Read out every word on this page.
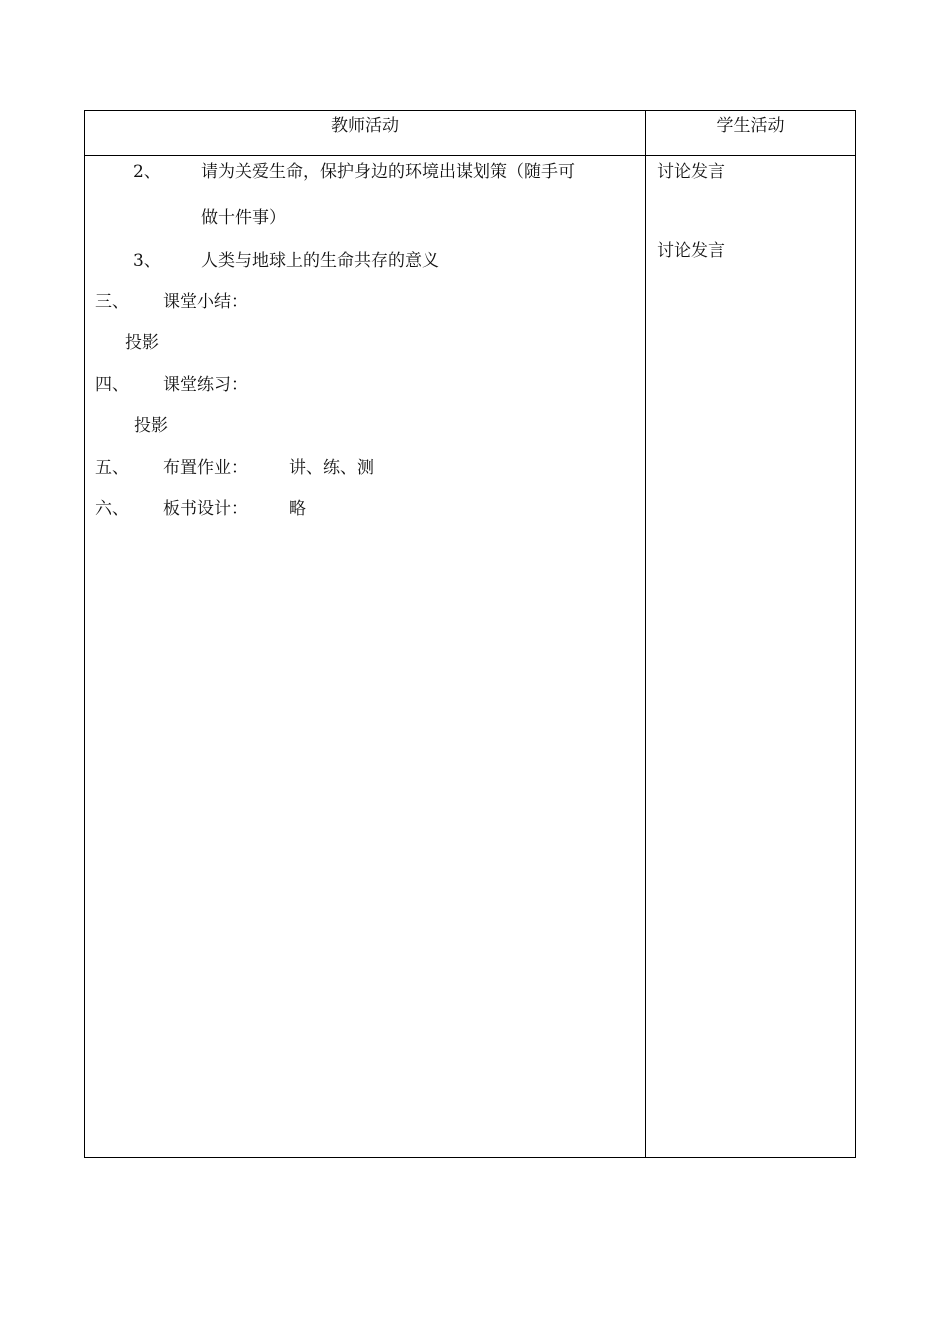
教师活动	学生活动
2、 请为关爱生命，保护身边的环境出谋划策（随手可
做十件事）
3、 人类与地球上的生命共存的意义
三、 课堂小结：
投影
四、 课堂练习：
投影
五、 布置作业： 讲、练、测
六、 板书设计： 略
讨论发言
讨论发言
